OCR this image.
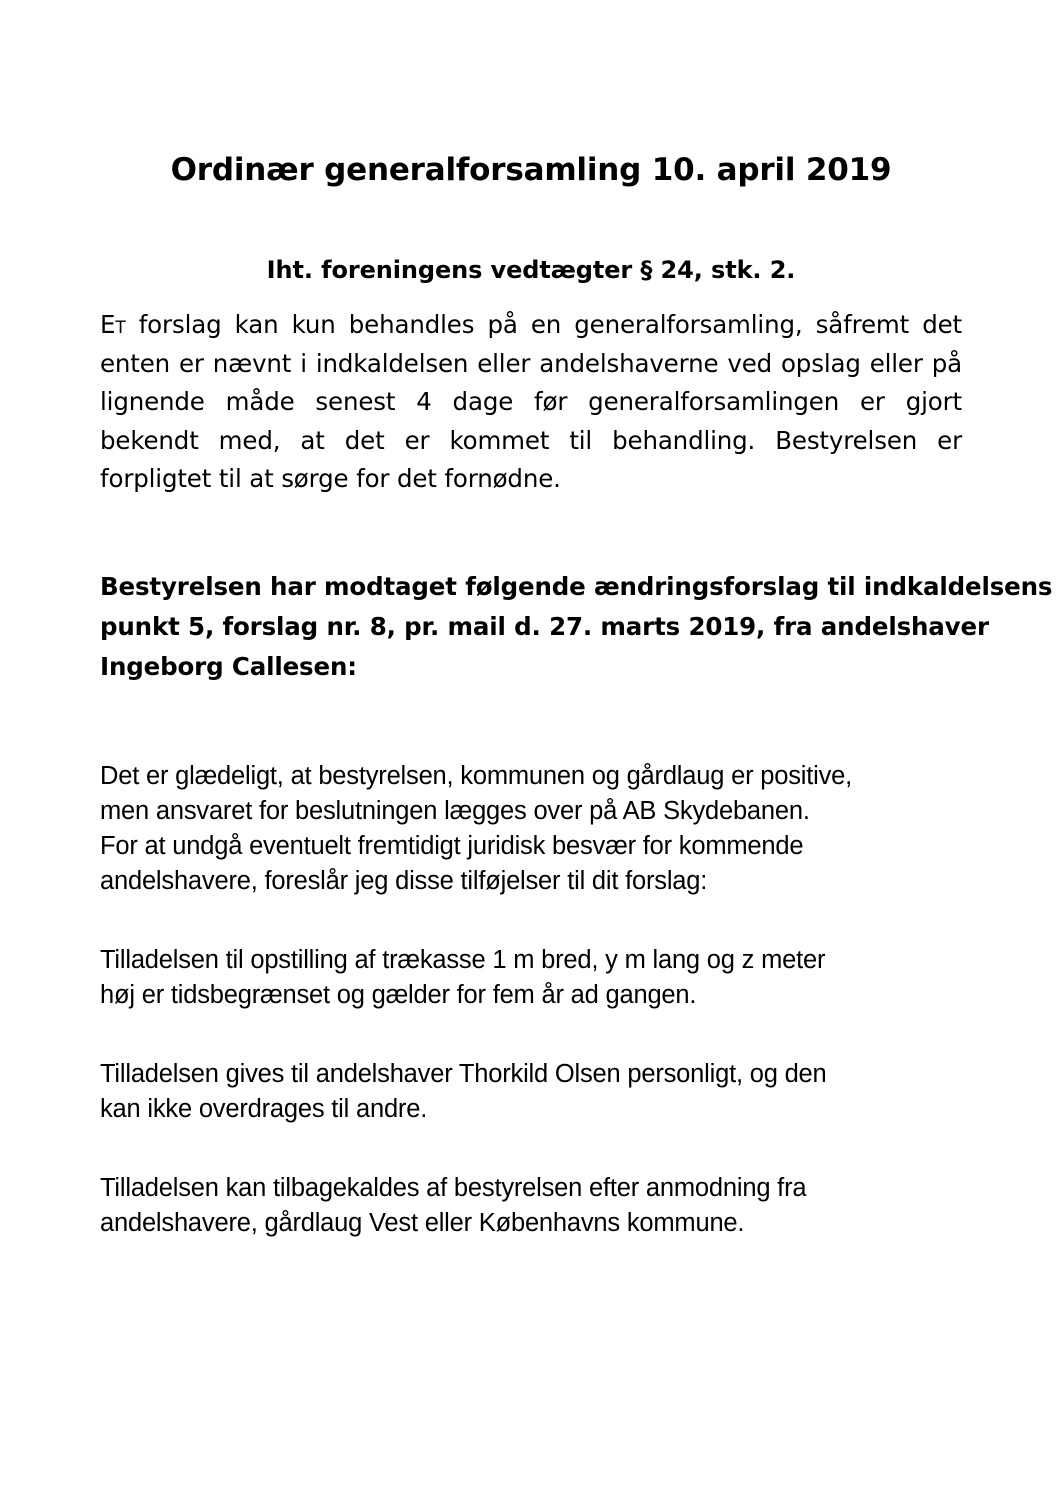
Ordinær generalforsamling 10. april 2019
Iht. foreningens vedtægter § 24, stk. 2.

Et forslag kan kun behandles på en generalforsamling, såfremt det enten er nævnt i indkaldelsen eller andelshaverne ved opslag eller på lignende måde senest 4 dage før generalforsamlingen er gjort bekendt med, at det er kommet til behandling. Bestyrelsen er forpligtet til at sørge for det fornødne.

Bestyrelsen har modtaget følgende ændringsforslag til indkaldelsens
punkt 5, forslag nr. 8, pr. mail d. 27. marts 2019, fra andelshaver
Ingeborg Callesen:

Det er glædeligt, at bestyrelsen, kommunen og gårdlaug er positive,
men ansvaret for beslutningen lægges over på AB Skydebanen.
For at undgå eventuelt fremtidigt juridisk besvær for kommende
andelshavere, foreslår jeg disse tilføjelser til dit forslag:

Tilladelsen til opstilling af trækasse 1 m bred, y m lang og z meter
høj er tidsbegrænset og gælder for fem år ad gangen.

Tilladelsen gives til andelshaver Thorkild Olsen personligt, og den
kan ikke overdrages til andre.

Tilladelsen kan tilbagekaldes af bestyrelsen efter anmodning fra
andelshavere, gårdlaug Vest eller Københavns kommune.
